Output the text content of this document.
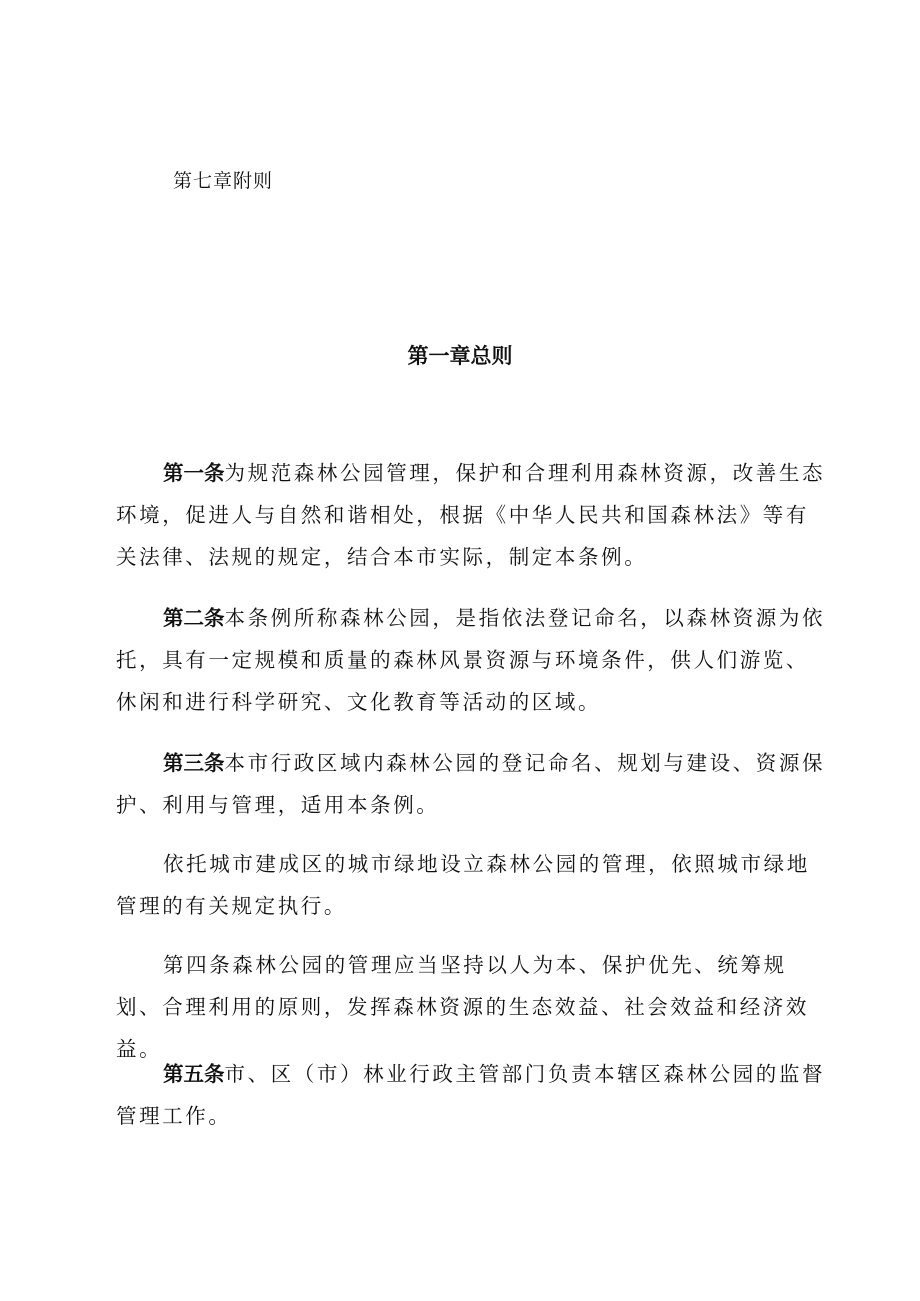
第七章附则
第一章总则

第一条为规范森林公园管理，保护和合理利用森林资源，改善生态环境，促进人与自然和谐相处，根据《中华人民共和国森林法》等有关法律、法规的规定，结合本市实际，制定本条例。

第二条本条例所称森林公园，是指依法登记命名，以森林资源为依托，具有一定规模和质量的森林风景资源与环境条件，供人们游览、休闲和进行科学研究、文化教育等活动的区域。

第三条本市行政区域内森林公园的登记命名、规划与建设、资源保护、利用与管理，适用本条例。

依托城市建成区的城市绿地设立森林公园的管理，依照城市绿地管理的有关规定执行。

第四条森林公园的管理应当坚持以人为本、保护优先、统筹规划、合理利用的原则，发挥森林资源的生态效益、社会效益和经济效益。

第五条市、区（市）林业行政主管部门负责本辖区森林公园的监督管理工作。
